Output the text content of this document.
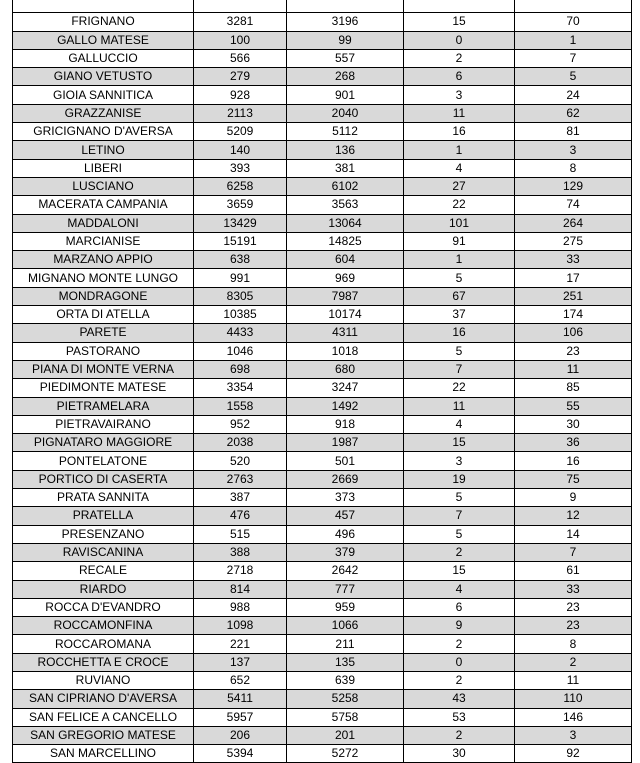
FRIGNANO	3281	3196	15	70
GALLO MATESE	100	99	0	1
GALLUCCIO	566	557	2	7
GIANO VETUSTO	279	268	6	5
GIOIA SANNITICA	928	901	3	24
GRAZZANISE	2113	2040	11	62
GRICIGNANO D'AVERSA	5209	5112	16	81
LETINO	140	136	1	3
LIBERI	393	381	4	8
LUSCIANO	6258	6102	27	129
MACERATA CAMPANIA	3659	3563	22	74
MADDALONI	13429	13064	101	264
MARCIANISE	15191	14825	91	275
MARZANO APPIO	638	604	1	33
MIGNANO MONTE LUNGO	991	969	5	17
MONDRAGONE	8305	7987	67	251
ORTA DI ATELLA	10385	10174	37	174
PARETE	4433	4311	16	106
PASTORANO	1046	1018	5	23
PIANA DI MONTE VERNA	698	680	7	11
PIEDIMONTE MATESE	3354	3247	22	85
PIETRAMELARA	1558	1492	11	55
PIETRAVAIRANO	952	918	4	30
PIGNATARO MAGGIORE	2038	1987	15	36
PONTELATONE	520	501	3	16
PORTICO DI CASERTA	2763	2669	19	75
PRATA SANNITA	387	373	5	9
PRATELLA	476	457	7	12
PRESENZANO	515	496	5	14
RAVISCANINA	388	379	2	7
RECALE	2718	2642	15	61
RIARDO	814	777	4	33
ROCCA D'EVANDRO	988	959	6	23
ROCCAMONFINA	1098	1066	9	23
ROCCAROMANA	221	211	2	8
ROCCHETTA E CROCE	137	135	0	2
RUVIANO	652	639	2	11
SAN CIPRIANO D'AVERSA	5411	5258	43	110
SAN FELICE A CANCELLO	5957	5758	53	146
SAN GREGORIO MATESE	206	201	2	3
SAN MARCELLINO	5394	5272	30	92
